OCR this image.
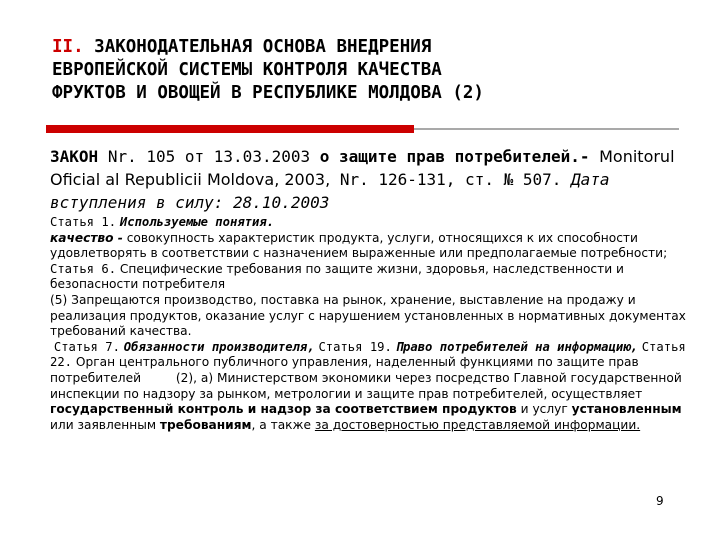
II. ЗАКОНОДАТЕЛЬНАЯ ОСНОВА ВНЕДРЕНИЯ
ЕВРОПЕЙСКОЙ СИСТЕМЫ КОНТРОЛЯ КАЧЕСТВА
ФРУКТОВ И ОВОЩЕЙ В РЕСПУБЛИКЕ МОЛДОВА (2)
ЗАКОН Nr. 105 от 13.03.2003 о защите прав потребителей.- Monitorul Oficial al Republicii Moldova, 2003, Nr. 126-131, ст. № 507. Дата вступления в силу: 28.10.2003

Статья 1. Используемые понятия.

качество - совокупность характеристик продукта, услуги, относящихся к их способности удовлетворять в соответствии с назначением выраженные или предполагаемые потребности;

Статья 6. Специфические требования по защите жизни, здоровья, наследственности и безопасности потребителя

(5) Запрещаются производство, поставка на рынок, хранение, выставление на продажу и реализация продуктов, оказание услуг с нарушением установленных в нормативных документах требований качества.

Статья 7. Обязанности производителя, Статья 19. Право потребителей на информацию, Статья 22. Орган центрального публичного управления, наделенный функциями по защите прав потребителей	(2), а) Министерством экономики через посредство Главной государственной инспекции по надзору за рынком, метрологии и защите прав потребителей, осуществляет государственный контроль и надзор за соответствием продуктов и услуг установленным или заявленным требованиям, а также за достоверностью представляемой информации.

9
